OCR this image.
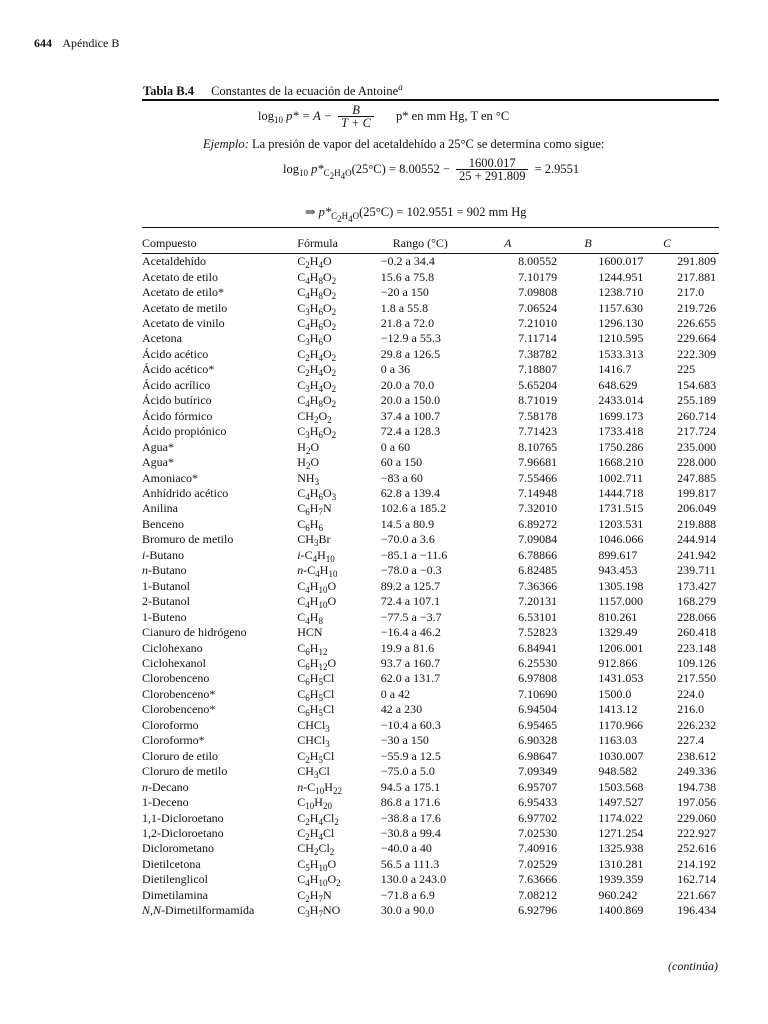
644 Apéndice B
Tabla B.4 Constantes de la ecuación de Antoine$^a$
$\log_{10} p* = A - \frac{B}{T + C} p*$ en mm Hg, T en °C
Ejemplo: La presión de vapor del acetaldehído a 25°C se determina como sigue:
$\log_{10} p*_{C_2H_4O}(25^\circ C) = 8.00552 - \frac{1600.017}{25 + 291.809} = 2.9551$
⇒ $p*_{C_2H_4O}(25^\circ C) = 102.9551 = 902$ mm Hg
Compuesto	Fórmula	Rango (°C)	A	B	C
Acetaldehído	$C_2H_4O$	−0.2 a 34.4	8.00552	1600.017	291.809
Acetato de etilo	$C_4H_8O_2$	15.6 a 75.8	7.10179	1244.951	217.881
Acetato de etilo*	$C_4H_8O_2$	−20 a 150	7.09808	1238.710	217.0
Acetato de metilo	$C_3H_6O_2$	1.8 a 55.8	7.06524	1157.630	219.726
Acetato de vinilo	$C_4H_6O_2$	21.8 a 72.0	7.21010	1296.130	226.655
Acetona	$C_3H_6O$	−12.9 a 55.3	7.11714	1210.595	229.664
Ácido acético	$C_2H_4O_2$	29.8 a 126.5	7.38782	1533.313	222.309
Ácido acético*	$C_2H_4O_2$	0 a 36	7.18807	1416.7	225
Ácido acrílico	$C_3H_4O_2$	20.0 a 70.0	5.65204	648.629	154.683
Ácido butírico	$C_4H_8O_2$	20.0 a 150.0	8.71019	2433.014	255.189
Ácido fórmico	$CH_2O_2$	37.4 a 100.7	7.58178	1699.173	260.714
Ácido propiónico	$C_3H_6O_2$	72.4 a 128.3	7.71423	1733.418	217.724
Agua*	$H_2O$	0 a 60	8.10765	1750.286	235.000
Agua*	$H_2O$	60 a 150	7.96681	1668.210	228.000
Amoniaco*	$NH_3$	−83 a 60	7.55466	1002.711	247.885
Anhídrido acético	$C_4H_6O_3$	62.8 a 139.4	7.14948	1444.718	199.817
Anilina	$C_6H_7N$	102.6 a 185.2	7.32010	1731.515	206.049
Benceno	$C_6H_6$	14.5 a 80.9	6.89272	1203.531	219.888
Bromuro de metilo	$CH_3Br$	−70.0 a 3.6	7.09084	1046.066	244.914
i-Butano	$i-C_4H_{10}$	−85.1 a −11.6	6.78866	899.617	241.942
n-Butano	$n-C_4H_{10}$	−78.0 a −0.3	6.82485	943.453	239.711
1-Butanol	$C_4H_{10}O$	89.2 a 125.7	7.36366	1305.198	173.427
2-Butanol	$C_4H_{10}O$	72.4 a 107.1	7.20131	1157.000	168.279
1-Buteno	$C_4H_8$	−77.5 a −3.7	6.53101	810.261	228.066
Cianuro de hidrógeno	HCN	−16.4 a 46.2	7.52823	1329.49	260.418
Ciclohexano	$C_6H_{12}$	19.9 a 81.6	6.84941	1206.001	223.148
Ciclohexanol	$C_6H_{12}O$	93.7 a 160.7	6.25530	912.866	109.126
Clorobenceno	$C_6H_5Cl$	62.0 a 131.7	6.97808	1431.053	217.550
Clorobenceno*	$C_6H_5Cl$	0 a 42	7.10690	1500.0	224.0
Clorobenceno*	$C_6H_5Cl$	42 a 230	6.94504	1413.12	216.0
Cloroformo	CHCl$_3$	−10.4 a 60.3	6.95465	1170.966	226.232
Cloroformo*	CHCl$_3$	−30 a 150	6.90328	1163.03	227.4
Cloruro de etilo	$C_2H_5Cl$	−55.9 a 12.5	6.98647	1030.007	238.612
Cloruro de metilo	$CH_3Cl$	−75.0 a 5.0	7.09349	948.582	249.336
n-Decano	$n-C_{10}H_{22}$	94.5 a 175.1	6.95707	1503.568	194.738
1-Deceno	$C_{10}H_{20}$	86.8 a 171.6	6.95433	1497.527	197.056
1,1-Dicloroetano	$C_2H_4Cl_2$	−38.8 a 17.6	6.97702	1174.022	229.060
1,2-Dicloroetano	$C_2H_4Cl$	−30.8 a 99.4	7.02530	1271.254	222.927
Diclorometano	$CH_2Cl_2$	−40.0 a 40	7.40916	1325.938	252.616
Dietilcetona	$C_5H_{10}O$	56.5 a 111.3	7.02529	1310.281	214.192
Dietilenglicol	$C_4H_{10}O_2$	130.0 a 243.0	7.63666	1939.359	162.714
Dimetilamina	$C_2H_7N$	−71.8 a 6.9	7.08212	960.242	221.667
N,N-Dimetilformamida	$C_3H_7NO$	30.0 a 90.0	6.92796	1400.869	196.434
(continúa)
